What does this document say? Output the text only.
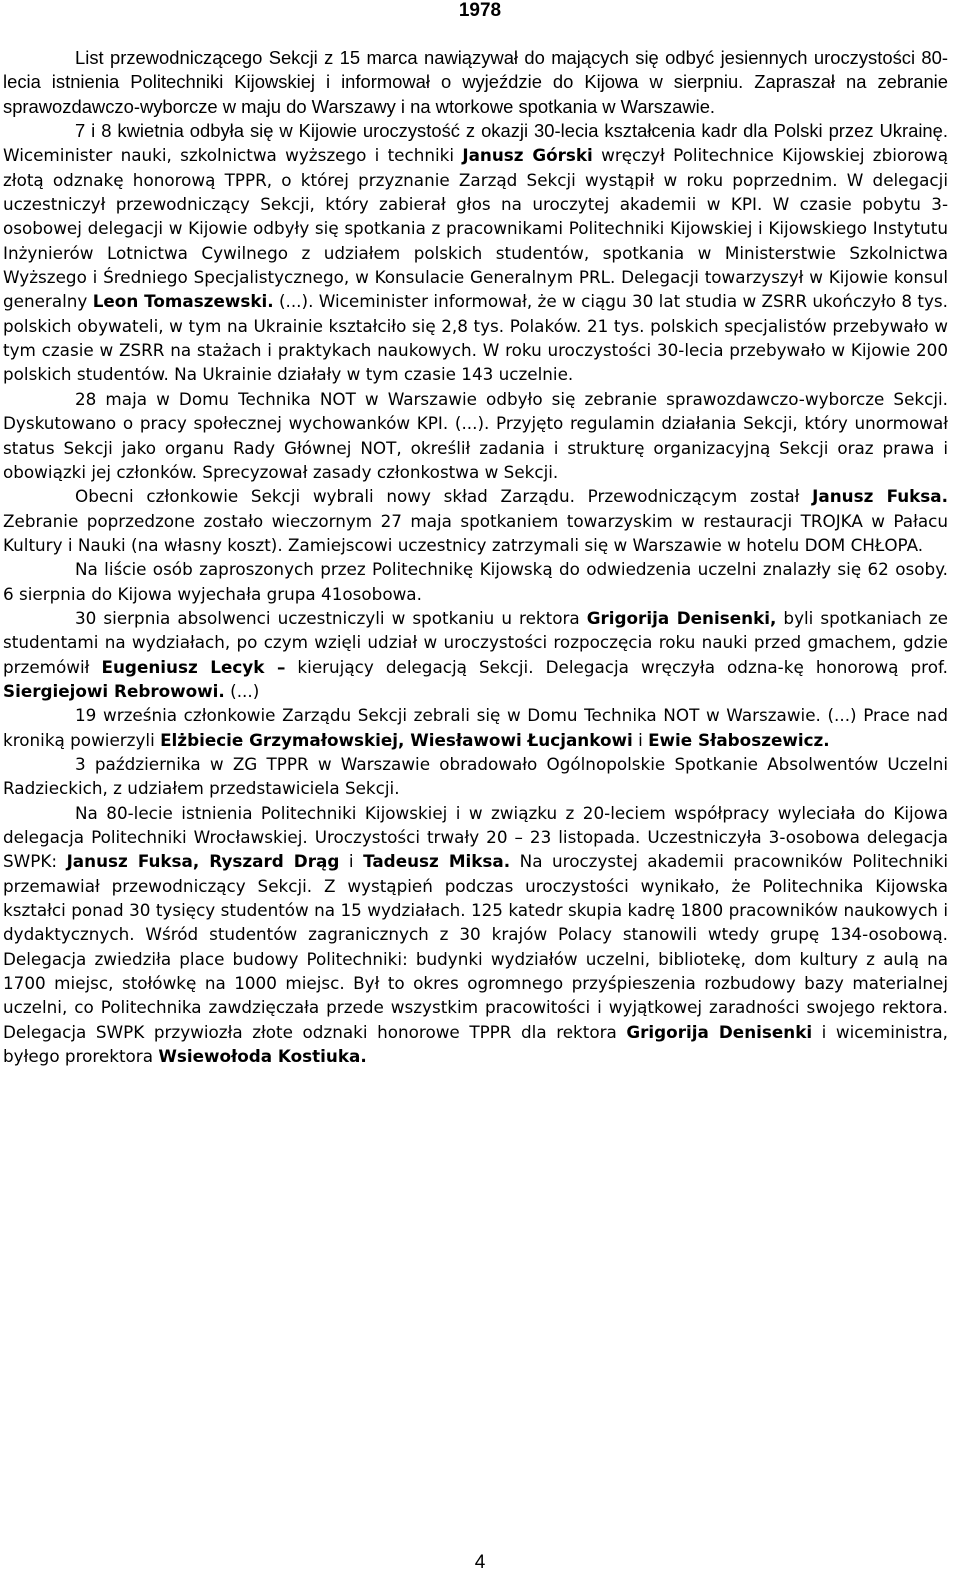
1978

List przewodniczącego Sekcji z 15 marca nawiązywał do mających się odbyć jesiennych uroczystości 80-lecia istnienia Politechniki Kijowskiej i informował o wyjeździe do Kijowa w sierpniu. Zapraszał na zebranie sprawozdawczo-wyborcze w maju do Warszawy i na wtorkowe spotkania w Warszawie.

7 i 8 kwietnia odbyła się w Kijowie uroczystość z okazji 30-lecia kształcenia kadr dla Polski przez Ukrainę. Wiceminister nauki, szkolnictwa wyższego i techniki Janusz Górski wręczył Politechnice Kijowskiej zbiorową złotą odznakę honorową TPPR, o której przyznanie Zarząd Sekcji wystąpił w roku poprzednim. W delegacji uczestniczył przewodniczący Sekcji, który zabierał głos na uroczytej akademii w KPI. W czasie pobytu 3-osobowej delegacji w Kijowie odbyły się spotkania z pracownikami Politechniki Kijowskiej i Kijowskiego Instytutu Inżynierów Lotnictwa Cywilnego z udziałem polskich studentów, spotkania w Ministerstwie Szkolnictwa Wyższego i Średniego Specjalistycznego, w Konsulacie Generalnym PRL. Delegacji towarzyszył w Kijowie konsul generalny Leon Tomaszewski. (...). Wiceminister informował, że w ciągu 30 lat studia w ZSRR ukończyło 8 tys. polskich obywateli, w tym na Ukrainie kształciło się 2,8 tys. Polaków. 21 tys. polskich specjalistów przebywało w tym czasie w ZSRR na stażach i praktykach naukowych. W roku uroczystości 30-lecia przebywało w Kijowie 200 polskich studentów. Na Ukrainie działały w tym czasie 143 uczelnie.

28 maja w Domu Technika NOT w Warszawie odbyło się zebranie sprawozdawczo-wyborcze Sekcji. Dyskutowano o pracy społecznej wychowanków KPI. (...). Przyjęto regulamin działania Sekcji, który unormował status Sekcji jako organu Rady Głównej NOT, określił zadania i strukturę organizacyjną Sekcji oraz prawa i obowiązki jej członków. Sprecyzował zasady członkostwa w Sekcji.

Obecni członkowie Sekcji wybrali nowy skład Zarządu. Przewodniczącym został Janusz Fuksa. Zebranie poprzedzone zostało wieczornym 27 maja spotkaniem towarzyskim w restauracji TROJKA w Pałacu Kultury i Nauki (na własny koszt). Zamiejscowi uczestnicy zatrzymali się w Warszawie w hotelu DOM CHŁOPA.

Na liście osób zaproszonych przez Politechnikę Kijowską do odwiedzenia uczelni znalazły się 62 osoby. 6 sierpnia do Kijowa wyjechała grupa 41osobowa.

30 sierpnia absolwenci uczestniczyli w spotkaniu u rektora Grigorija Denisenki, byli spotkaniach ze studentami na wydziałach, po czym wzięli udział w uroczystości rozpoczęcia roku nauki przed gmachem, gdzie przemówił Eugeniusz Lecyk – kierujący delegacją Sekcji. Delegacja wręczyła odzna-kę honorową prof. Siergiejowi Rebrowowi. (...)

19 września członkowie Zarządu Sekcji zebrali się w Domu Technika NOT w Warszawie. (...) Prace nad kroniką powierzyli Elżbiecie Grzymałowskiej, Wiesławowi Łucjankowi i Ewie Słaboszewicz.

3 października w ZG TPPR w Warszawie obradowało Ogólnopolskie Spotkanie Absolwentów Uczelni Radzieckich, z udziałem przedstawiciela Sekcji.

Na 80-lecie istnienia Politechniki Kijowskiej i w związku z 20-leciem współpracy wyleciała do Kijowa delegacja Politechniki Wrocławskiej. Uroczystości trwały 20 – 23 listopada. Uczestniczyła 3-osobowa delegacja SWPK: Janusz Fuksa, Ryszard Drąg i Tadeusz Miksa. Na uroczystej akademii pracowników Politechniki przemawiał przewodniczący Sekcji. Z wystąpień podczas uroczystości wynikało, że Politechnika Kijowska kształci ponad 30 tysięcy studentów na 15 wydziałach. 125 katedr skupia kadrę 1800 pracowników naukowych i dydaktycznych. Wśród studentów zagranicznych z 30 krajów Polacy stanowili wtedy grupę 134-osobową. Delegacja zwiedziła place budowy Politechniki: budynki wydziałów uczelni, bibliotekę, dom kultury z aulą na 1700 miejsc, stołówkę na 1000 miejsc. Był to okres ogromnego przyśpieszenia rozbudowy bazy materialnej uczelni, co Politechnika zawdzięczała przede wszystkim pracowitości i wyjątkowej zaradności swojego rektora. Delegacja SWPK przywiozła złote odznaki honorowe TPPR dla rektora Grigorija Denisenki i wiceministra, byłego prorektora Wsiewołoda Kostiuka.

4
